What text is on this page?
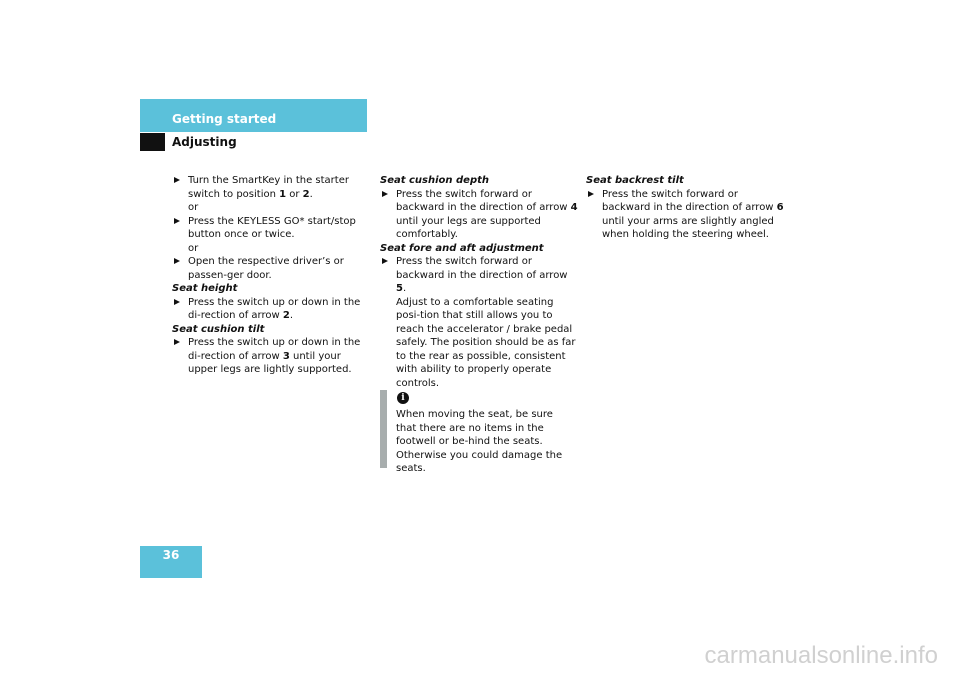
Getting started
Adjusting

Turn the SmartKey in the starter switch to position 1 or 2.
or

Press the KEYLESS GO* start/stop button once or twice.
or

Open the respective driver’s or passen-ger door.

Seat height

Press the switch up or down in the di-rection of arrow 2.

Seat cushion tilt

Press the switch up or down in the di-rection of arrow 3 until your upper legs are lightly supported.

Seat cushion depth

Press the switch forward or backward in the direction of arrow 4 until your legs are supported comfortably.

Seat fore and aft adjustment

Press the switch forward or backward in the direction of arrow 5.

Adjust to a comfortable seating posi-tion that still allows you to reach the accelerator / brake pedal safely. The position should be as far to the rear as possible, consistent with ability to properly operate controls.

i
When moving the seat, be sure that there are no items in the footwell or be-hind the seats. Otherwise you could damage the seats.

Seat backrest tilt

Press the switch forward or backward in the direction of arrow 6 until your arms are slightly angled when holding the steering wheel.

36
carmanualsonline.info
